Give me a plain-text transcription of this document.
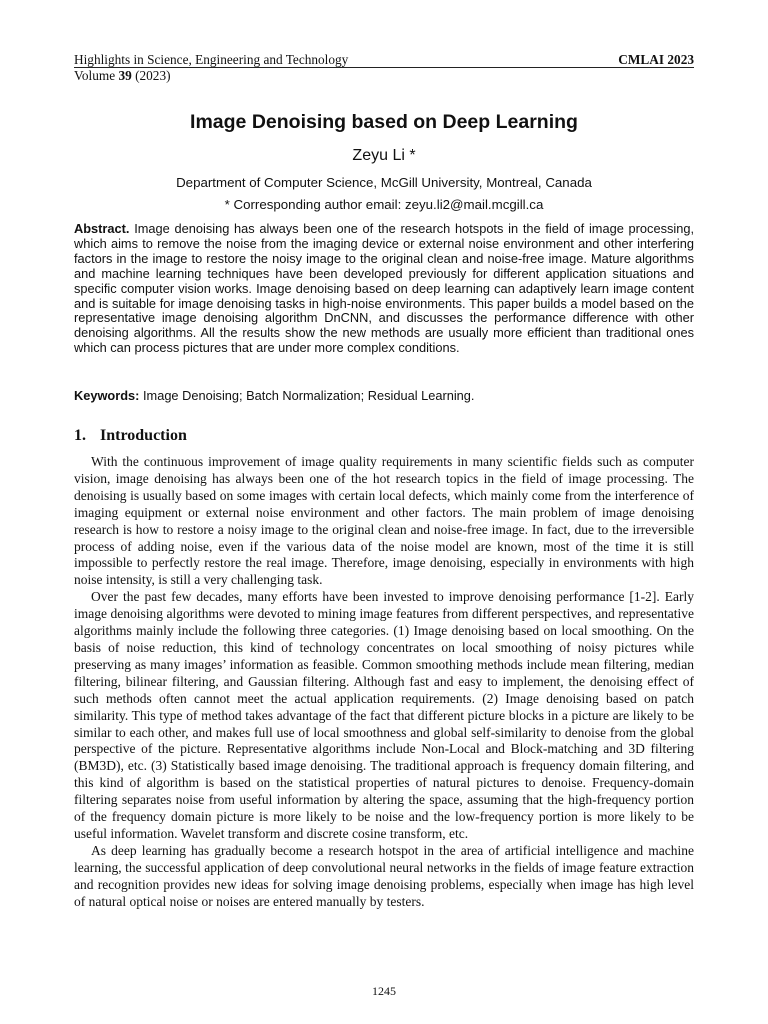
Highlights in Science, Engineering and Technology	CMLAI 2023
Volume 39 (2023)
Image Denoising based on Deep Learning
Zeyu Li *
Department of Computer Science, McGill University, Montreal, Canada
* Corresponding author email: zeyu.li2@mail.mcgill.ca

Abstract. Image denoising has always been one of the research hotspots in the field of image processing, which aims to remove the noise from the imaging device or external noise environment and other interfering factors in the image to restore the noisy image to the original clean and noise-free image. Mature algorithms and machine learning techniques have been developed previously for different application situations and specific computer vision works. Image denoising based on deep learning can adaptively learn image content and is suitable for image denoising tasks in high-noise environments. This paper builds a model based on the representative image denoising algorithm DnCNN, and discusses the performance difference with other denoising algorithms. All the results show the new methods are usually more efficient than traditional ones which can process pictures that are under more complex conditions.

Keywords: Image Denoising; Batch Normalization; Residual Learning.

1. Introduction

With the continuous improvement of image quality requirements in many scientific fields such as computer vision, image denoising has always been one of the hot research topics in the field of image processing. The denoising is usually based on some images with certain local defects, which mainly come from the interference of imaging equipment or external noise environment and other factors. The main problem of image denoising research is how to restore a noisy image to the original clean and noise-free image. In fact, due to the irreversible process of adding noise, even if the various data of the noise model are known, most of the time it is still impossible to perfectly restore the real image. Therefore, image denoising, especially in environments with high noise intensity, is still a very challenging task.

Over the past few decades, many efforts have been invested to improve denoising performance [1-2]. Early image denoising algorithms were devoted to mining image features from different perspectives, and representative algorithms mainly include the following three categories. (1) Image denoising based on local smoothing. On the basis of noise reduction, this kind of technology concentrates on local smoothing of noisy pictures while preserving as many images’ information as feasible. Common smoothing methods include mean filtering, median filtering, bilinear filtering, and Gaussian filtering. Although fast and easy to implement, the denoising effect of such methods often cannot meet the actual application requirements. (2) Image denoising based on patch similarity. This type of method takes advantage of the fact that different picture blocks in a picture are likely to be similar to each other, and makes full use of local smoothness and global self-similarity to denoise from the global perspective of the picture. Representative algorithms include Non-Local and Block-matching and 3D filtering (BM3D), etc. (3) Statistically based image denoising. The traditional approach is frequency domain filtering, and this kind of algorithm is based on the statistical properties of natural pictures to denoise. Frequency-domain filtering separates noise from useful information by altering the space, assuming that the high-frequency portion of the frequency domain picture is more likely to be noise and the low-frequency portion is more likely to be useful information. Wavelet transform and discrete cosine transform, etc.

As deep learning has gradually become a research hotspot in the area of artificial intelligence and machine learning, the successful application of deep convolutional neural networks in the fields of image feature extraction and recognition provides new ideas for solving image denoising problems, especially when image has high level of natural optical noise or noises are entered manually by testers.

1245
